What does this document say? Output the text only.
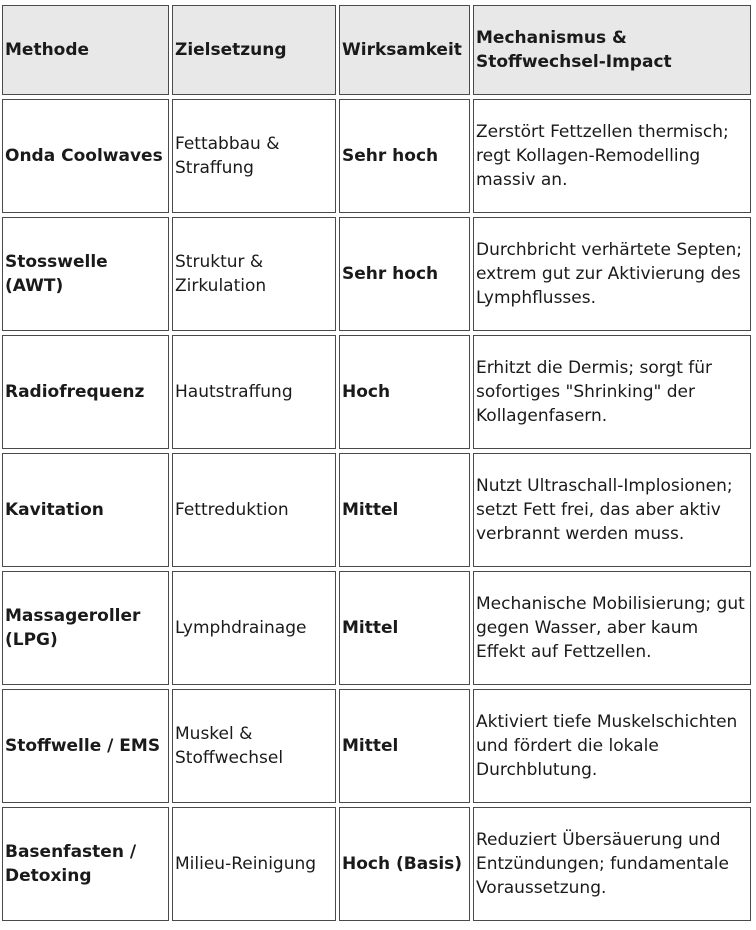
Methode	Zielsetzung	Wirksamkeit	Mechanismus & Stoffwechsel-Impact
Onda Coolwaves	Fettabbau & Straffung	Sehr hoch	Zerstört Fettzellen thermisch; regt Kollagen-Remodelling massiv an.
Stosswelle (AWT)	Struktur & Zirkulation	Sehr hoch	Durchbricht verhärtete Septen; extrem gut zur Aktivierung des Lymphflusses.
Radiofrequenz	Hautstraffung	Hoch	Erhitzt die Dermis; sorgt für sofortiges "Shrinking" der Kollagenfasern.
Kavitation	Fettreduktion	Mittel	Nutzt Ultraschall-Implosionen; setzt Fett frei, das aber aktiv verbrannt werden muss.
Massageroller (LPG)	Lymphdrainage	Mittel	Mechanische Mobilisierung; gut gegen Wasser, aber kaum Effekt auf Fettzellen.
Stoffwelle / EMS	Muskel & Stoffwechsel	Mittel	Aktiviert tiefe Muskelschichten und fördert die lokale Durchblutung.
Basenfasten / Detoxing	Milieu-Reinigung	Hoch (Basis)	Reduziert Übersäuerung und Entzündungen; fundamentale Voraussetzung.
